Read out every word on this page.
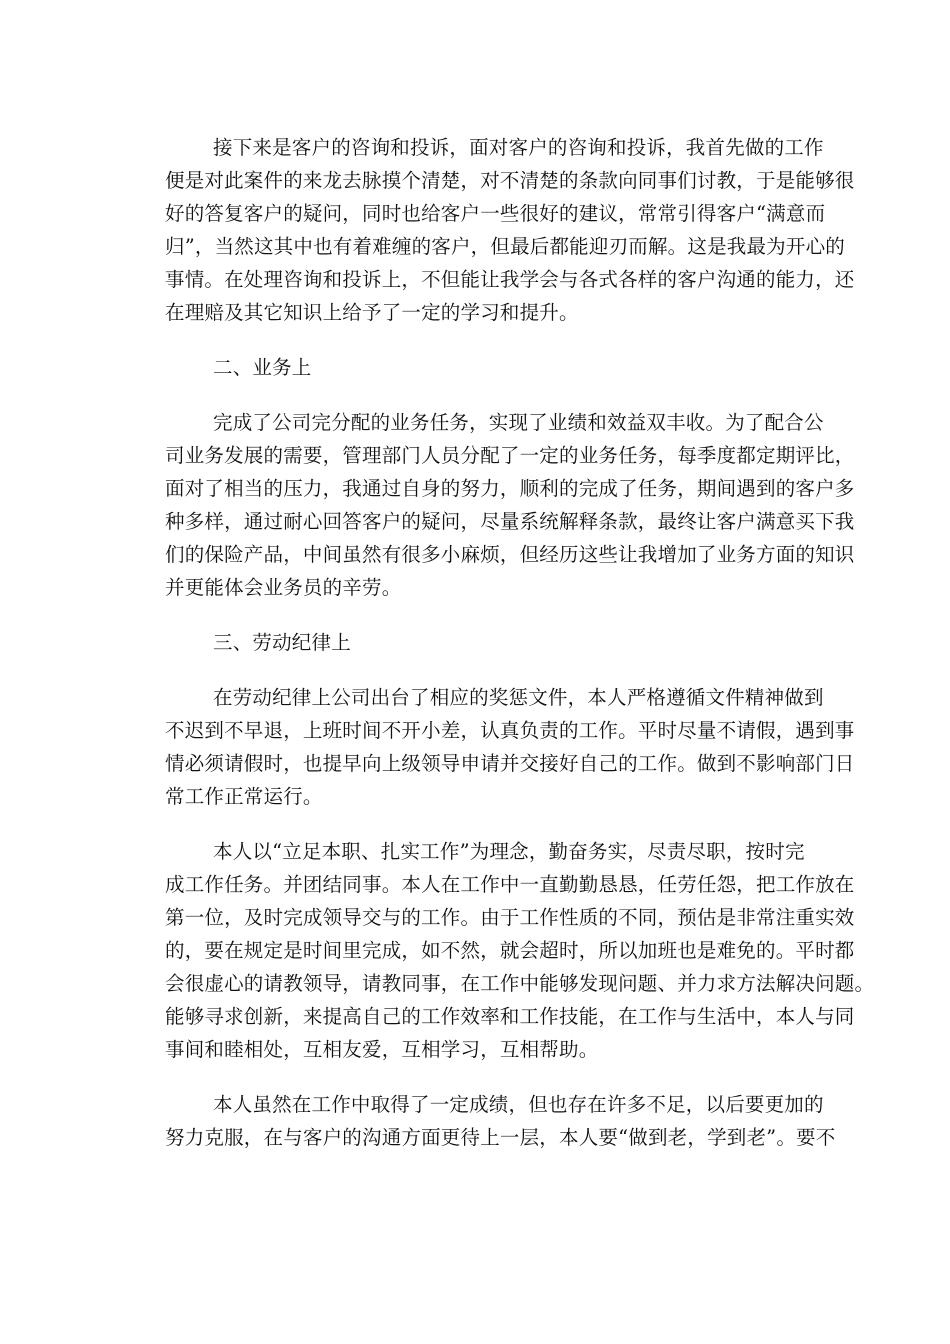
接下来是客户的咨询和投诉，面对客户的咨询和投诉，我首先做的工作
便是对此案件的来龙去脉摸个清楚，对不清楚的条款向同事们讨教，于是能够很
好的答复客户的疑问，同时也给客户一些很好的建议，常常引得客户“满意而
归”，当然这其中也有着难缠的客户，但最后都能迎刃而解。这是我最为开心的
事情。在处理咨询和投诉上，不但能让我学会与各式各样的客户沟通的能力，还
在理赔及其它知识上给予了一定的学习和提升。
二、业务上
完成了公司完分配的业务任务，实现了业绩和效益双丰收。为了配合公
司业务发展的需要，管理部门人员分配了一定的业务任务，每季度都定期评比，
面对了相当的压力，我通过自身的努力，顺利的完成了任务，期间遇到的客户多
种多样，通过耐心回答客户的疑问，尽量系统解释条款，最终让客户满意买下我
们的保险产品，中间虽然有很多小麻烦，但经历这些让我增加了业务方面的知识
并更能体会业务员的辛劳。
三、劳动纪律上
在劳动纪律上公司出台了相应的奖惩文件，本人严格遵循文件精神做到
不迟到不早退，上班时间不开小差，认真负责的工作。平时尽量不请假，遇到事
情必须请假时，也提早向上级领导申请并交接好自己的工作。做到不影响部门日
常工作正常运行。
本人以“立足本职、扎实工作”为理念，勤奋务实，尽责尽职，按时完
成工作任务。并团结同事。本人在工作中一直勤勤恳恳，任劳任怨，把工作放在
第一位，及时完成领导交与的工作。由于工作性质的不同，预估是非常注重实效
的，要在规定是时间里完成，如不然，就会超时，所以加班也是难免的。平时都
会很虚心的请教领导，请教同事，在工作中能够发现问题、并力求方法解决问题。
能够寻求创新，来提高自己的工作效率和工作技能，在工作与生活中，本人与同
事间和睦相处，互相友爱，互相学习，互相帮助。
本人虽然在工作中取得了一定成绩，但也存在许多不足，以后要更加的
努力克服，在与客户的沟通方面更待上一层，本人要“做到老，学到老”。要不
